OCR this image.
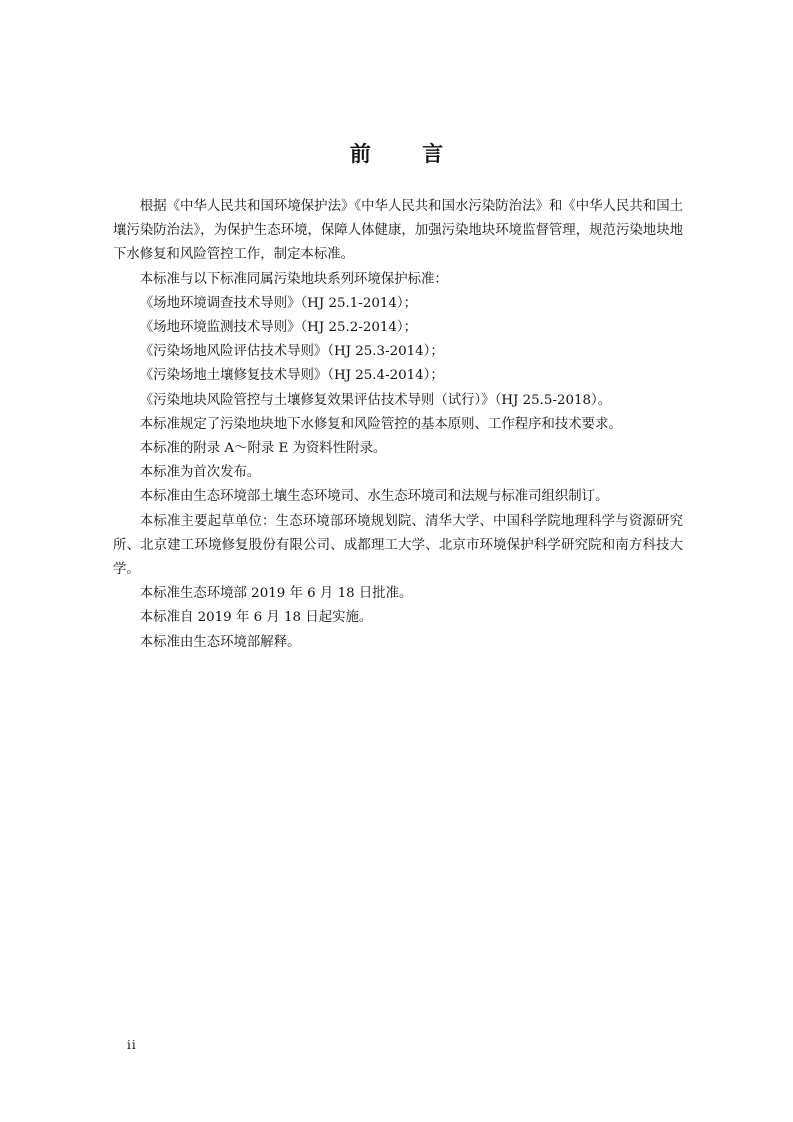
前 言

根据《中华人民共和国环境保护法》《中华人民共和国水污染防治法》和《中华人民共和国土壤污染防治法》，为保护生态环境，保障人体健康，加强污染地块环境监督管理，规范污染地块地下水修复和风险管控工作，制定本标准。

本标准与以下标准同属污染地块系列环境保护标准：

《场地环境调查技术导则》（HJ 25.1-2014）；

《场地环境监测技术导则》（HJ 25.2-2014）；

《污染场地风险评估技术导则》（HJ 25.3-2014）；

《污染场地土壤修复技术导则》（HJ 25.4-2014）；

《污染地块风险管控与土壤修复效果评估技术导则（试行）》（HJ 25.5-2018）。

本标准规定了污染地块地下水修复和风险管控的基本原则、工作程序和技术要求。

本标准的附录 A～附录 E 为资料性附录。

本标准为首次发布。

本标准由生态环境部土壤生态环境司、水生态环境司和法规与标准司组织制订。

本标准主要起草单位：生态环境部环境规划院、清华大学、中国科学院地理科学与资源研究所、北京建工环境修复股份有限公司、成都理工大学、北京市环境保护科学研究院和南方科技大学。

本标准生态环境部 2019 年 6 月 18 日批准。

本标准自 2019 年 6 月 18 日起实施。

本标准由生态环境部解释。

ii
